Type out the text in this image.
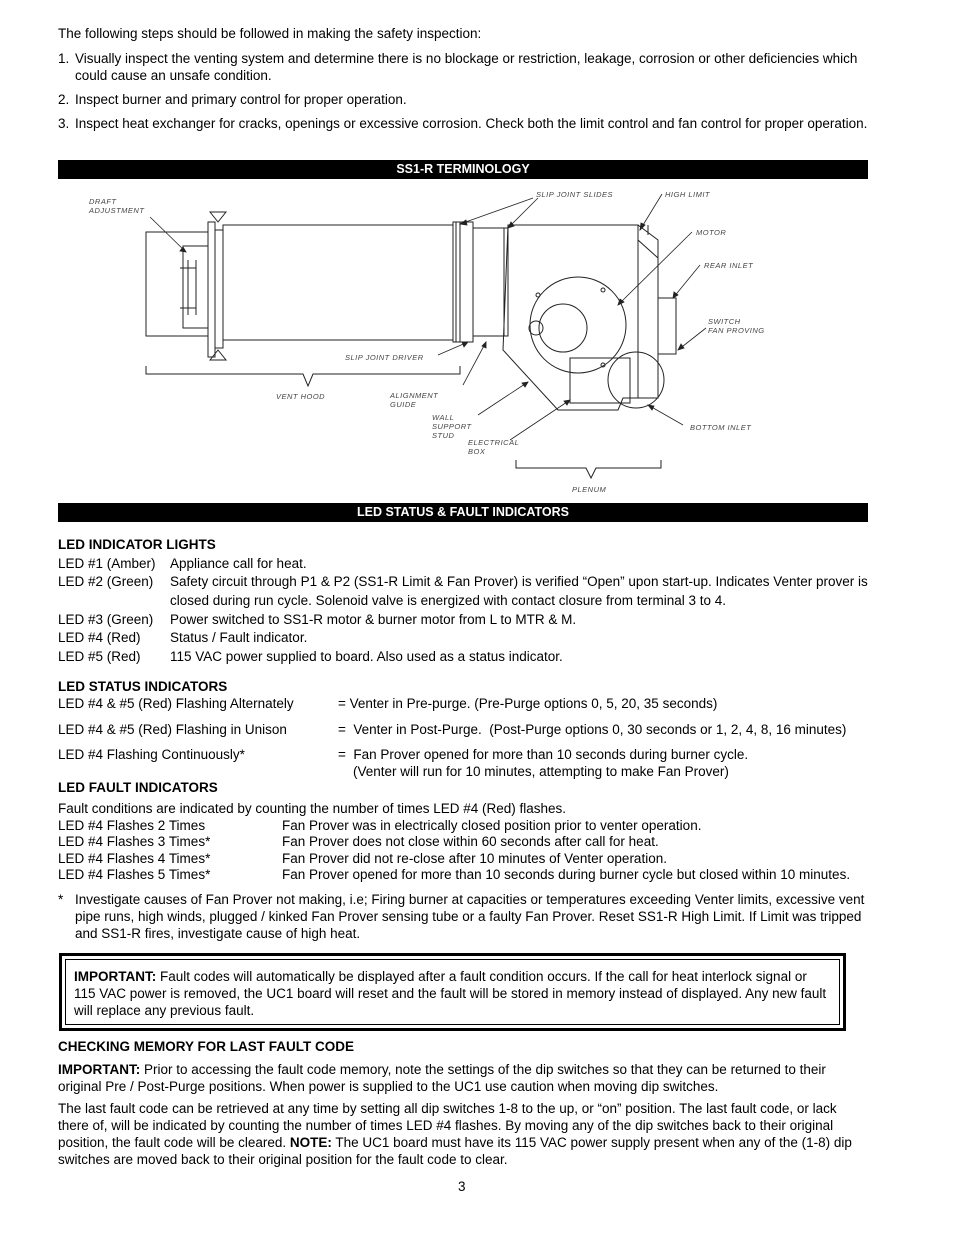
The following steps should be followed in making the safety inspection:

1. Visually inspect the venting system and determine there is no blockage or restriction, leakage, corrosion or other deficiencies which could cause an unsafe condition.
2. Inspect burner and primary control for proper operation.
3. Inspect heat exchanger for cracks, openings or excessive corrosion. Check both the limit control and fan control for proper operation.
SS1-R TERMINOLOGY
DRAFT
ADJUSTMENT
SLIP JOINT SLIDES	HIGH LIMIT
MOTOR
REAR INLET
SWITCH
FAN PROVING
SLIP JOINT DRIVER
VENT HOOD	ALIGNMENT
GUIDE
WALL
SUPPORT
STUD
ELECTRICAL
BOX
BOTTOM INLET
PLENUM
LED STATUS & FAULT INDICATORS
LED INDICATOR LIGHTS
LED #1 (Amber) Appliance call for heat.
LED #2 (Green) Safety circuit through P1 & P2 (SS1-R Limit & Fan Prover) is verified “Open” upon start-up. Indicates Venter prover is closed during run cycle. Solenoid valve is energized with contact closure from terminal 3 to 4.
LED #3 (Green) Power switched to SS1-R motor & burner motor from L to MTR & M.
LED #4 (Red) Status / Fault indicator.
LED #5 (Red) 115 VAC power supplied to board. Also used as a status indicator.
LED STATUS INDICATORS
LED #4 & #5 (Red) Flashing Alternately	= Venter in Pre-purge. (Pre-Purge options 0, 5, 20, 35 seconds)
LED #4 & #5 (Red) Flashing in Unison	=  Venter in Post-Purge.  (Post-Purge options 0, 30 seconds or 1, 2, 4, 8, 16 minutes)
LED #4 Flashing Continuously*	=  Fan Prover opened for more than 10 seconds during burner cycle.
(Venter will run for 10 minutes, attempting to make Fan Prover)
LED FAULT INDICATORS

Fault conditions are indicated by counting the number of times LED #4 (Red) flashes.

LED #4 Flashes 2 Times	Fan Prover was in electrically closed position prior to venter operation.
LED #4 Flashes 3 Times*	Fan Prover does not close within 60 seconds after call for heat.
LED #4 Flashes 4 Times*	Fan Prover did not re-close after 10 minutes of Venter operation.
LED #4 Flashes 5 Times*	Fan Prover opened for more than 10 seconds during burner cycle but closed within 10 minutes.
* Investigate causes of Fan Prover not making, i.e; Firing burner at capacities or temperatures exceeding Venter limits, excessive vent pipe runs, high winds, plugged / kinked Fan Prover sensing tube or a faulty Fan Prover. Reset SS1-R High Limit. If Limit was tripped and SS1-R fires, investigate cause of high heat.
IMPORTANT: Fault codes will automatically be displayed after a fault condition occurs. If the call for heat interlock signal or 115 VAC power is removed, the UC1 board will reset and the fault will be stored in memory instead of displayed. Any new fault will replace any previous fault.
CHECKING MEMORY FOR LAST FAULT CODE
IMPORTANT: Prior to accessing the fault code memory, note the settings of the dip switches so that they can be returned to their original Pre / Post-Purge positions. When power is supplied to the UC1 use caution when moving dip switches.
The last fault code can be retrieved at any time by setting all dip switches 1-8 to the up, or “on” position. The last fault code, or lack there of, will be indicated by counting the number of times LED #4 flashes. By moving any of the dip switches back to their original position, the fault code will be cleared. NOTE: The UC1 board must have its 115 VAC power supply present when any of the (1-8) dip switches are moved back to their original position for the fault code to clear.
3
